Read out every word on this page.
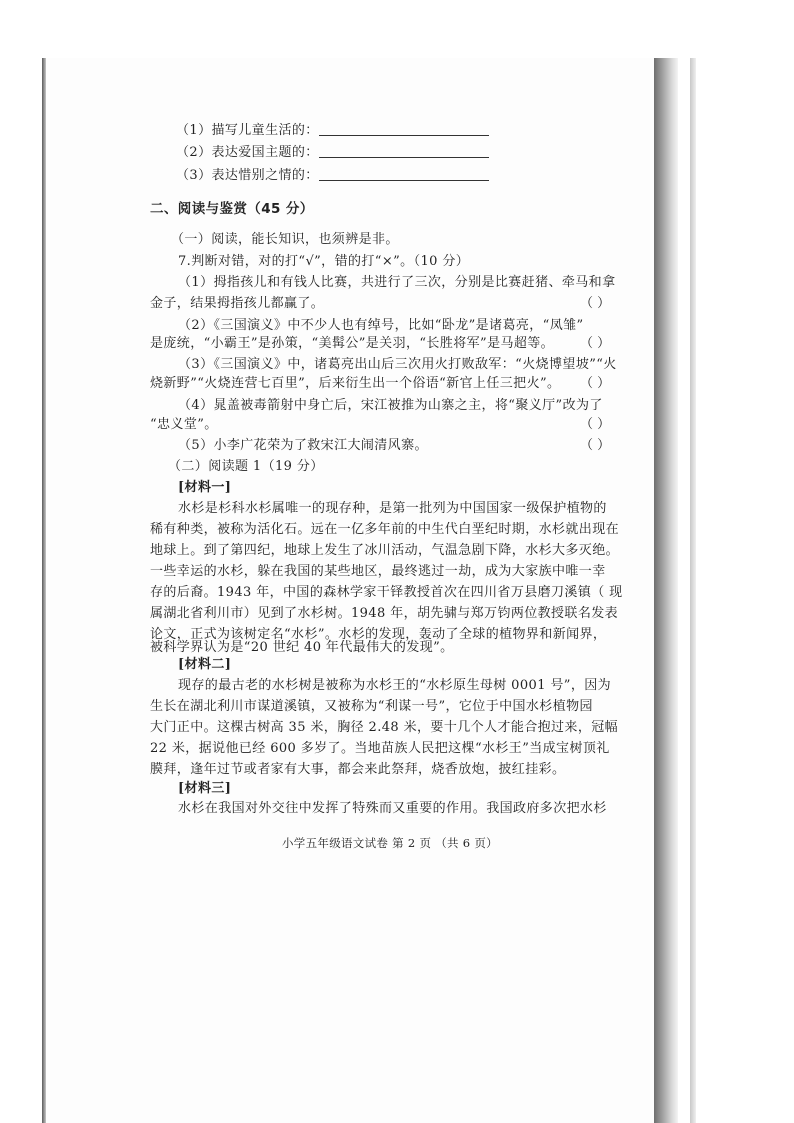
（1）描写儿童生活的：
（2）表达爱国主题的：
（3）表达惜别之情的：
二、阅读与鉴赏（45 分）
（一）阅读，能长知识，也须辨是非。
7.判断对错，对的打“√”，错的打“×”。（10 分）
（1）拇指孩儿和有钱人比赛，共进行了三次，分别是比赛赶猪、牵马和拿
金子，结果拇指孩儿都赢了。	（ ）
（2）《三国演义》中不少人也有绰号，比如“卧龙”是诸葛亮，“凤雏”
是庞统，“小霸王”是孙策，“美髯公”是关羽，“长胜将军”是马超等。 （ ）
（3）《三国演义》中，诸葛亮出山后三次用火打败敌军：“火烧博望坡”“火
烧新野”“火烧连营七百里”，后来衍生出一个俗语“新官上任三把火”。 （ ）
（4）晁盖被毒箭射中身亡后，宋江被推为山寨之主，将“聚义厅”改为了
“忠义堂”。	（ ）
（5）小李广花荣为了救宋江大闹清风寨。	（ ）
（二）阅读题 1（19 分）
[材料一]
水杉是杉科水杉属唯一的现存种，是第一批列为中国国家一级保护植物的
稀有种类，被称为活化石。远在一亿多年前的中生代白垩纪时期，水杉就出现在
地球上。到了第四纪，地球上发生了冰川活动，气温急剧下降，水杉大多灭绝。
一些幸运的水杉，躲在我国的某些地区，最终逃过一劫，成为大家族中唯一幸
存的后裔。1943 年，中国的森林学家干铎教授首次在四川省万县磨刀溪镇（ 现
属湖北省利川市）见到了水杉树。1948 年，胡先骕与郑万钧两位教授联名发表
论文，正式为该树定名“水杉”。水杉的发现，轰动了全球的植物界和新闻界，
被科学界认为是“20 世纪 40 年代最伟大的发现”。
[材料二]
现存的最古老的水杉树是被称为水杉王的“水杉原生母树 0001 号”，因为
生长在湖北利川市谋道溪镇，又被称为“利谋一号”，它位于中国水杉植物园
大门正中。这棵古树高 35 米，胸径 2.48 米，要十几个人才能合抱过来，冠幅
22 米，据说他已经 600 多岁了。当地苗族人民把这棵“水杉王”当成宝树顶礼
膜拜，逢年过节或者家有大事，都会来此祭拜，烧香放炮，披红挂彩。
[材料三]
水杉在我国对外交往中发挥了特殊而又重要的作用。我国政府多次把水杉
小学五年级语文试卷 第 2 页 （共 6 页）
